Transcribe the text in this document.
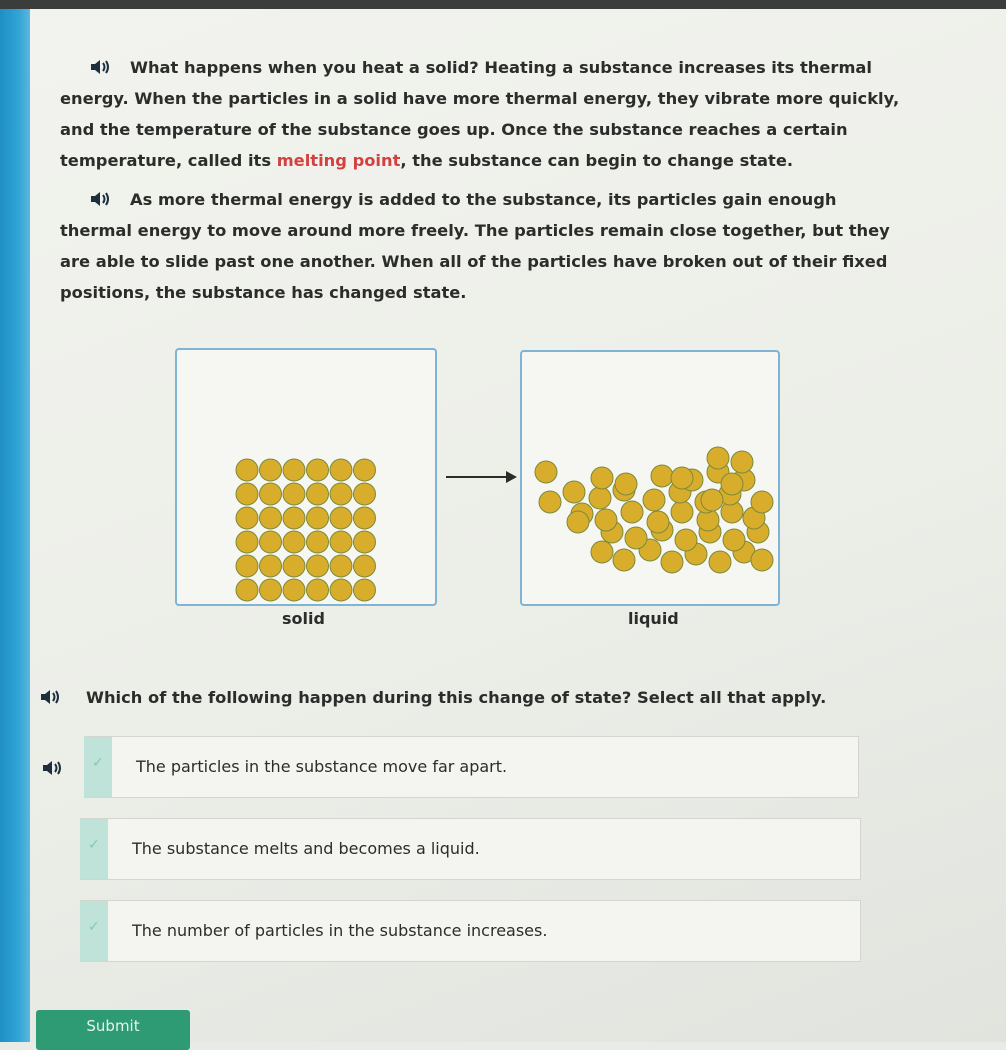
What happens when you heat a solid? Heating a substance increases its thermal energy. When the particles in a solid have more thermal energy, they vibrate more quickly, and the temperature of the substance goes up. Once the substance reaches a certain temperature, called its melting point, the substance can begin to change state.

As more thermal energy is added to the substance, its particles gain enough thermal energy to move around more freely. The particles remain close together, but they are able to slide past one another. When all of the particles have broken out of their fixed positions, the substance has changed state.

solid	liquid
Which of the following happen during this change of state? Select all that apply.
✓ The particles in the substance move far apart.
✓ The substance melts and becomes a liquid.
✓ The number of particles in the substance increases.
Submit
